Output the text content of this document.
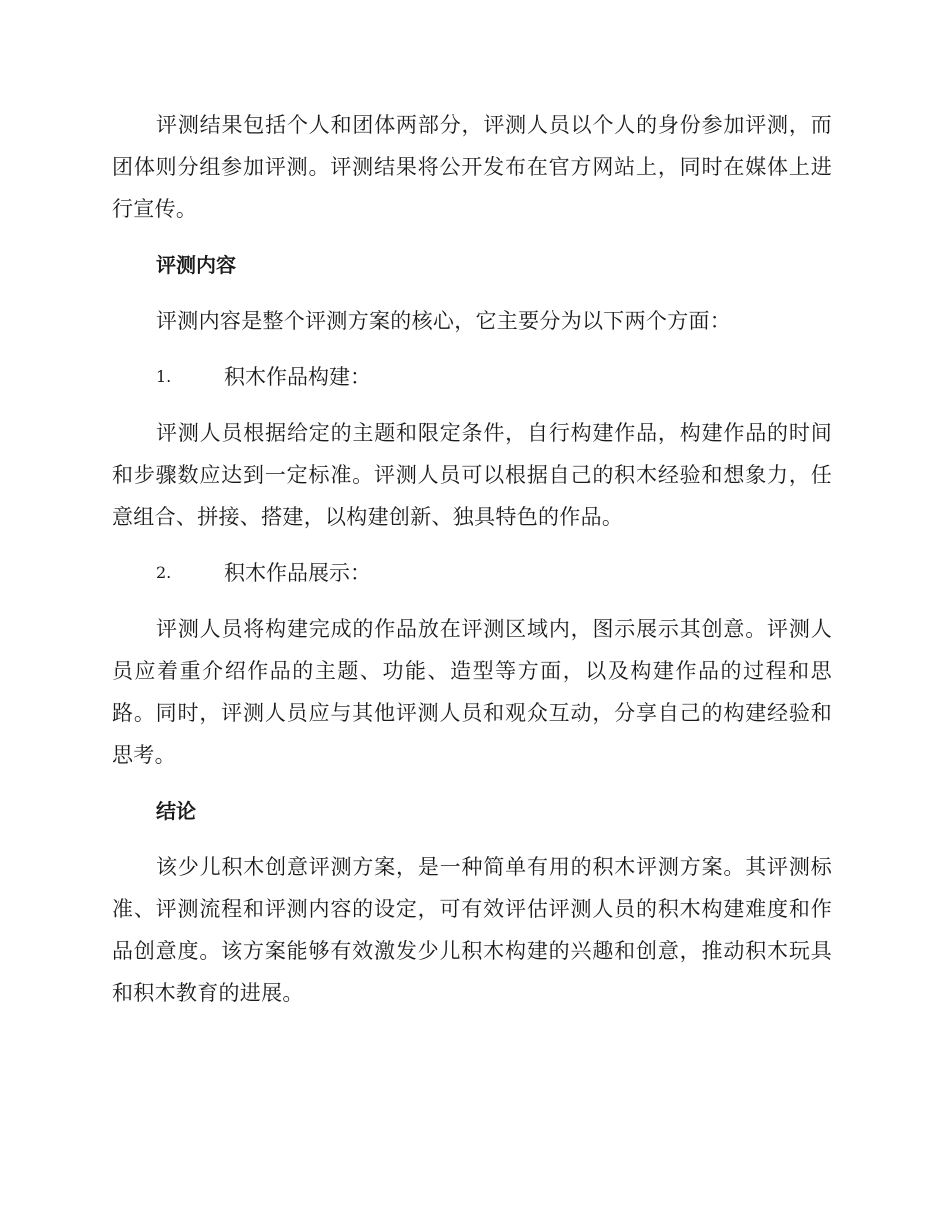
评测结果包括个人和团体两部分，评测人员以个人的身份参加评测，而团体则分组参加评测。评测结果将公开发布在官方网站上，同时在媒体上进行宣传。

评测内容

评测内容是整个评测方案的核心，它主要分为以下两个方面：

1.	积木作品构建：

评测人员根据给定的主题和限定条件，自行构建作品，构建作品的时间和步骤数应达到一定标准。评测人员可以根据自己的积木经验和想象力，任意组合、拼接、搭建，以构建创新、独具特色的作品。

2.	积木作品展示：

评测人员将构建完成的作品放在评测区域内，图示展示其创意。评测人员应着重介绍作品的主题、功能、造型等方面，以及构建作品的过程和思路。同时，评测人员应与其他评测人员和观众互动，分享自己的构建经验和思考。

结论

该少儿积木创意评测方案，是一种简单有用的积木评测方案。其评测标准、评测流程和评测内容的设定，可有效评估评测人员的积木构建难度和作品创意度。该方案能够有效激发少儿积木构建的兴趣和创意，推动积木玩具和积木教育的进展。
